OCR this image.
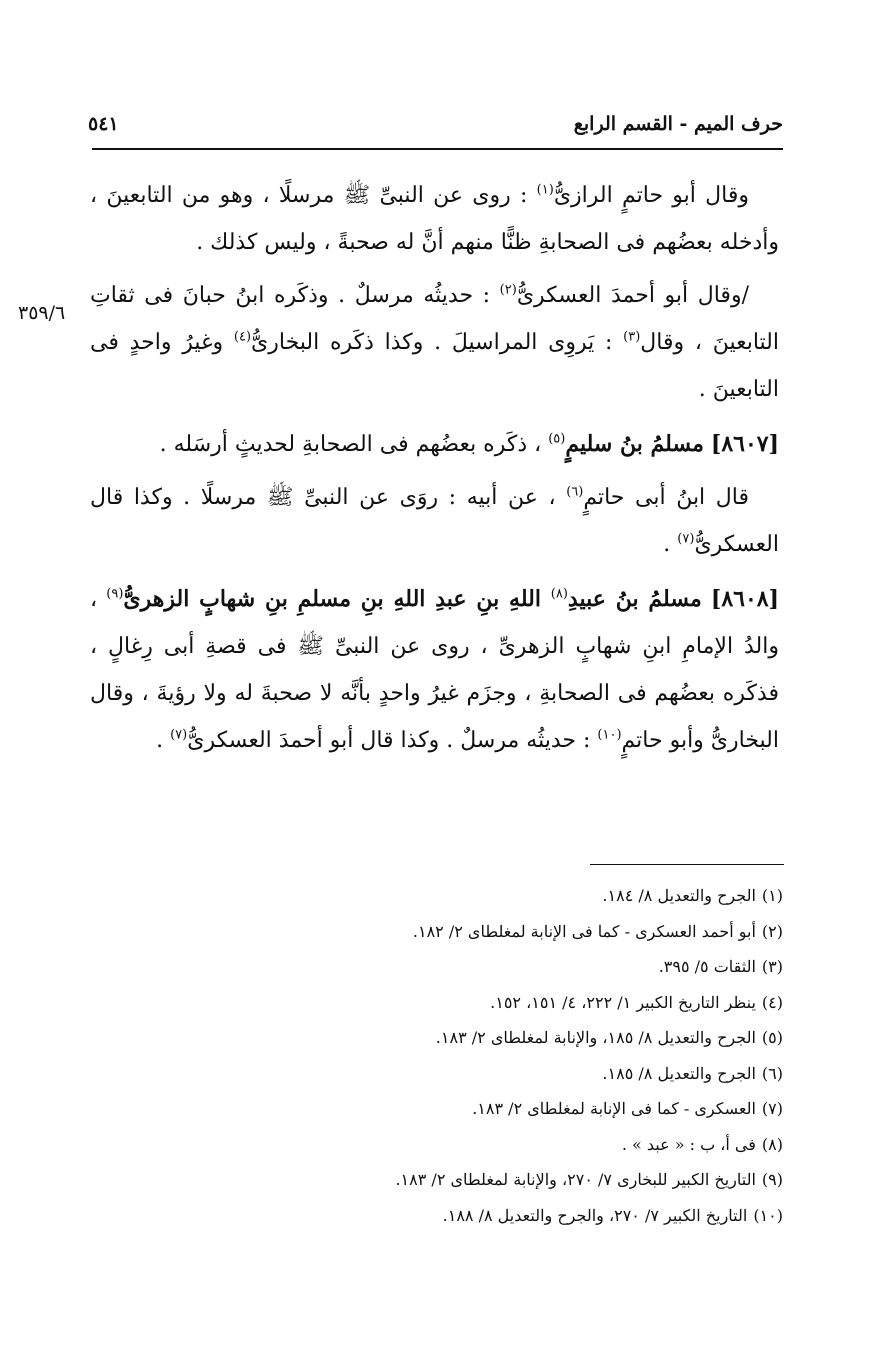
حرف الميم - القسم الرابع
٥٤١
٣٥٩/٦

وقال أبو حاتمٍ الرازىُّ$^{(١)}$ : روى عن النبىِّ ﷺ مرسلًا ، وهو من التابعينَ ، وأدخله بعضُهم فى الصحابةِ ظنًّا منهم أنَّ له صحبةً ، وليس كذلك .

/وقال أبو أحمدَ العسكرىُّ$^{(٢)}$ : حديثُه مرسلٌ . وذكَره ابنُ حبانَ فى ثقاتِ التابعينَ ، وقال$^{(٣)}$ : يَروِى المراسيلَ . وكذا ذكَره البخارىُّ$^{(٤)}$ وغيرُ واحدٍ فى التابعينَ .

[٨٦٠٧] مسلمُ بنُ سليمٍ$^{(٥)}$ ، ذكَره بعضُهم فى الصحابةِ لحديثٍ أرسَله .

قال ابنُ أبى حاتمٍ$^{(٦)}$ ، عن أبيه : روَى عن النبىِّ ﷺ مرسلًا . وكذا قال العسكرىُّ$^{(٧)}$ .

[٨٦٠٨] مسلمُ بنُ عبيدِ$^{(٨)}$ اللهِ بنِ عبدِ اللهِ بنِ مسلمِ بنِ شهابٍ الزهرىُّ$^{(٩)}$ ، والدُ الإمامِ ابنِ شهابٍ الزهرىِّ ، روى عن النبىِّ ﷺ فى قصةِ أبى رِغالٍ ، فذكَره بعضُهم فى الصحابةِ ، وجزَم غيرُ واحدٍ بأنَّه لا صحبةَ له ولا رؤيةَ ، وقال البخارىُّ وأبو حاتمٍ$^{(١٠)}$ : حديثُه مرسلٌ . وكذا قال أبو أحمدَ العسكرىُّ$^{(٧)}$ .

(١)الجرح والتعديل ٨/ ١٨٤.
(٢)أبو أحمد العسكرى - كما فى الإنابة لمغلطاى ٢/ ١٨٢.
(٣)الثقات ٥/ ٣٩٥.
(٤)ينظر التاريخ الكبير ١/ ٢٢٢، ٤/ ١٥١، ١٥٢.
(٥)الجرح والتعديل ٨/ ١٨٥، والإنابة لمغلطاى ٢/ ١٨٣.
(٦)الجرح والتعديل ٨/ ١٨٥.
(٧)العسكرى - كما فى الإنابة لمغلطاى ٢/ ١٨٣.
(٨)فى أ، ب : « عبد » .
(٩)التاريخ الكبير للبخارى ٧/ ٢٧٠، والإنابة لمغلطاى ٢/ ١٨٣.
(١٠)التاريخ الكبير ٧/ ٢٧٠، والجرح والتعديل ٨/ ١٨٨.
